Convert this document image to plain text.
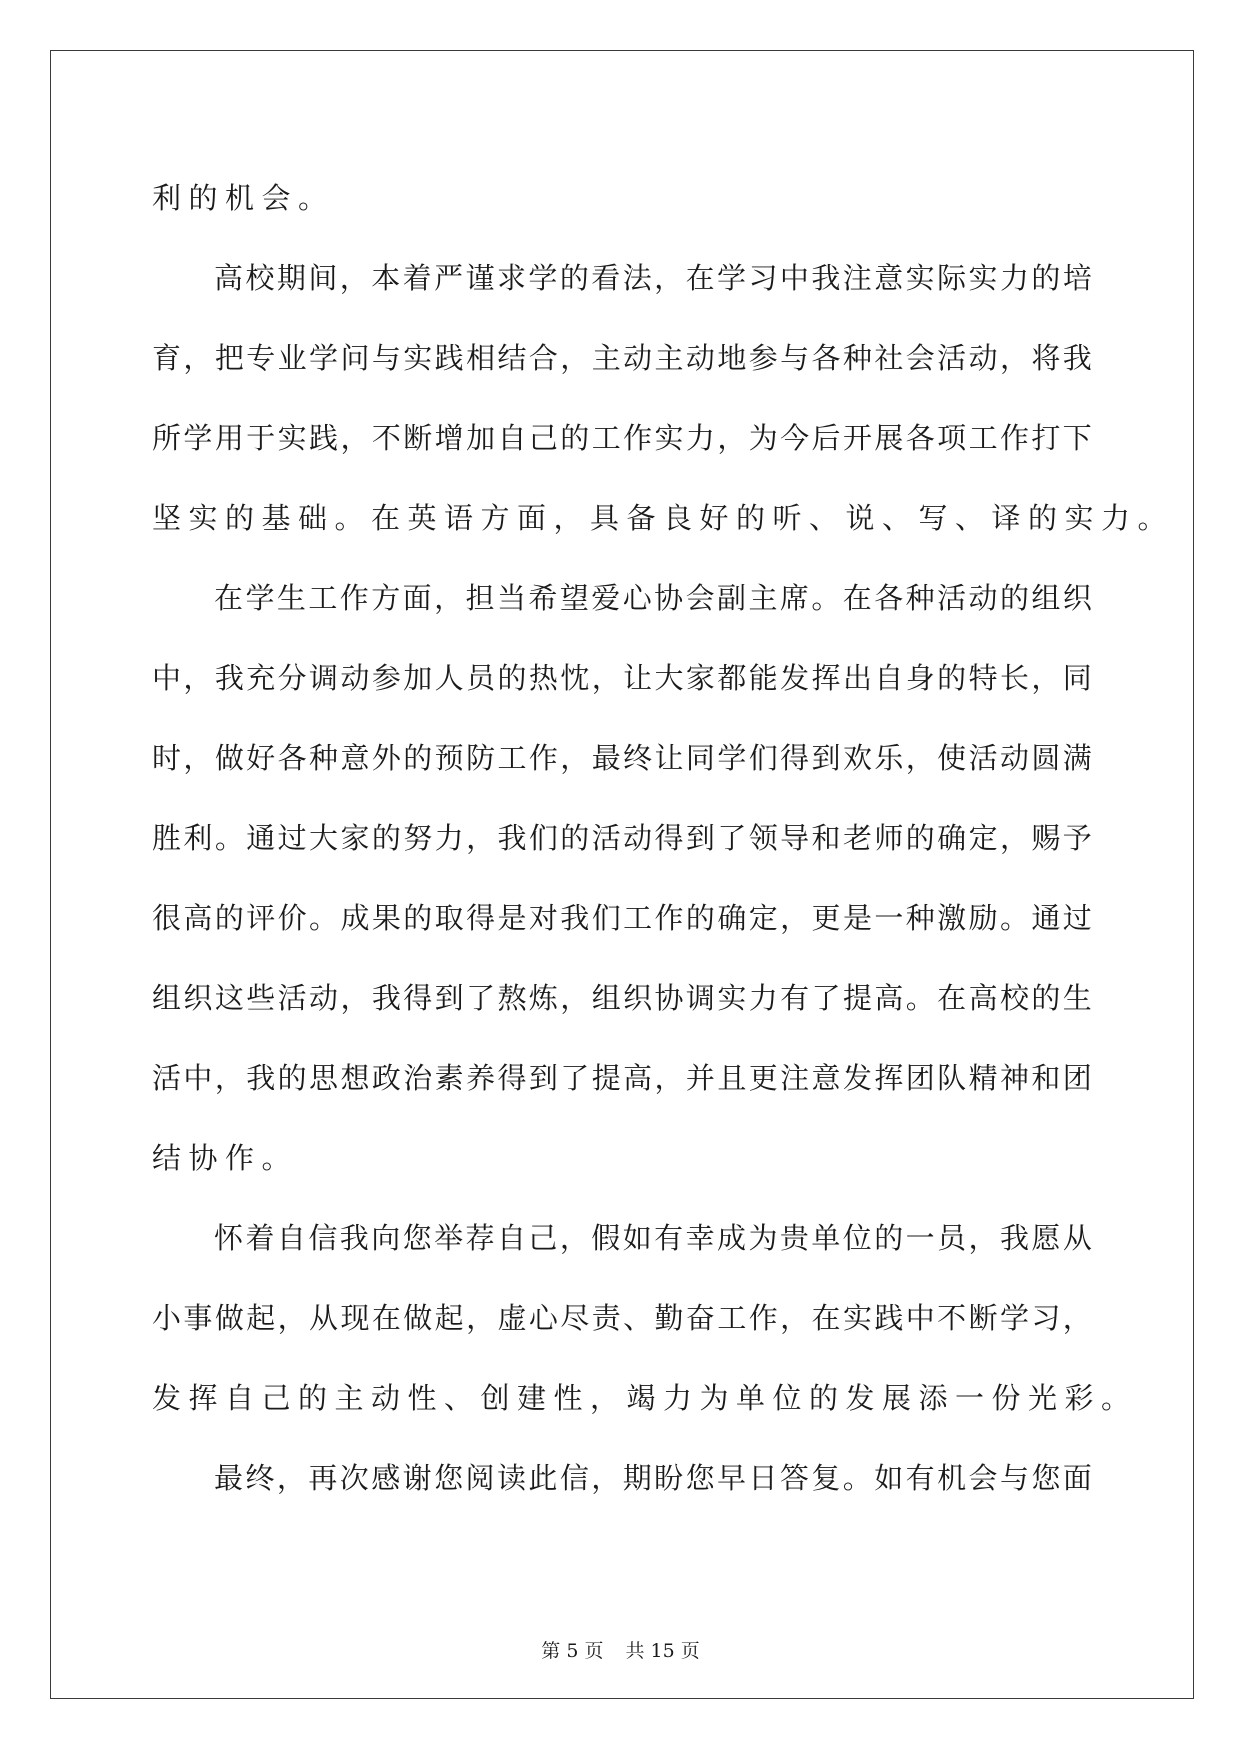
利的机会。
高 校 期 间 ， 本 着 严 谨 求 学 的 看 法 ， 在 学 习 中 我 注 意 实 际 实 力 的 培
育 ， 把 专 业 学 问 与 实 践 相 结 合 ， 主 动 主 动 地 参 与 各 种 社 会 活 动 ， 将 我
所 学 用 于 实 践 ， 不 断 增 加 自 己 的 工 作 实 力 ， 为 今 后 开 展 各 项 工 作 打 下
坚实的基础。在英语方面，具备良好的听、说、写、译的实力。
在 学 生 工 作 方 面 ， 担 当 希 望 爱 心 协 会 副 主 席 。 在 各 种 活 动 的 组 织
中 ， 我 充 分 调 动 参 加 人 员 的 热 忱 ， 让 大 家 都 能 发 挥 出 自 身 的 特 长 ， 同
时 ， 做 好 各 种 意 外 的 预 防 工 作 ， 最 终 让 同 学 们 得 到 欢 乐 ， 使 活 动 圆 满
胜 利 。 通 过 大 家 的 努 力 ， 我 们 的 活 动 得 到 了 领 导 和 老 师 的 确 定 ， 赐 予
很 高 的 评 价 。 成 果 的 取 得 是 对 我 们 工 作 的 确 定 ， 更 是 一 种 激 励 。 通 过
组 织 这 些 活 动 ， 我 得 到 了 熬 炼 ， 组 织 协 调 实 力 有 了 提 高 。 在 高 校 的 生
活 中 ， 我 的 思 想 政 治 素 养 得 到 了 提 高 ， 并 且 更 注 意 发 挥 团 队 精 神 和 团
结协作。
怀 着 自 信 我 向 您 举 荐 自 己 ， 假 如 有 幸 成 为 贵 单 位 的 一 员 ， 我 愿 从
小 事 做 起 ， 从 现 在 做 起 ， 虚 心 尽 责 、 勤 奋 工 作 ， 在 实 践 中 不 断 学 习 ，
发挥自己的主动性、创建性，竭力为单位的发展添一份光彩。
最 终 ， 再 次 感 谢 您 阅 读 此 信 ， 期 盼 您 早 日 答 复 。 如 有 机 会 与 您 面
第 5 页 共 15 页
